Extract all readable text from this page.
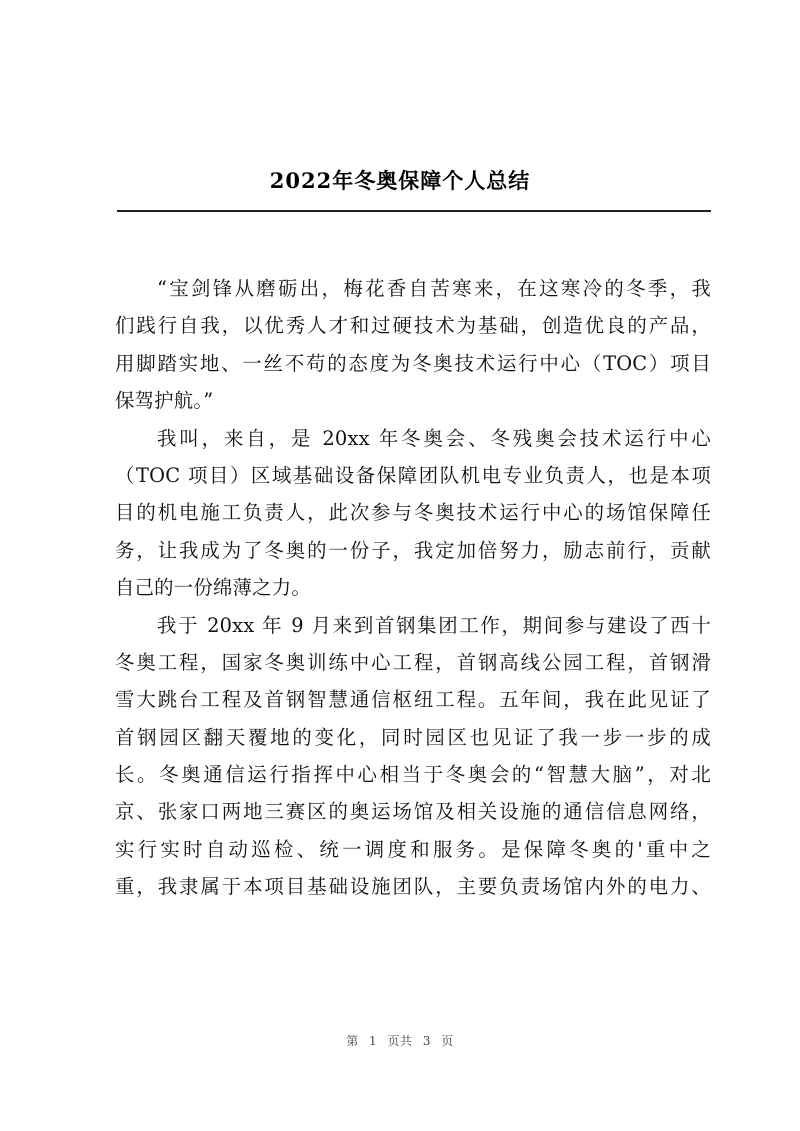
2022年冬奥保障个人总结
“宝剑锋从磨砺出，梅花香自苦寒来，在这寒冷的冬季，我
们践行自我，以优秀人才和过硬技术为基础，创造优良的产品，
用脚踏实地、一丝不苟的态度为冬奥技术运行中心（TOC）项目
保驾护航。”
我叫，来自，是 20xx 年冬奥会、冬残奥会技术运行中心
（TOC 项目）区域基础设备保障团队机电专业负责人，也是本项
目的机电施工负责人，此次参与冬奥技术运行中心的场馆保障任
务，让我成为了冬奥的一份子，我定加倍努力，励志前行，贡献
自己的一份绵薄之力。
我于 20xx 年 9 月来到首钢集团工作，期间参与建设了西十
冬奥工程，国家冬奥训练中心工程，首钢高线公园工程，首钢滑
雪大跳台工程及首钢智慧通信枢纽工程。五年间，我在此见证了
首钢园区翻天覆地的变化，同时园区也见证了我一步一步的成
长。冬奥通信运行指挥中心相当于冬奥会的“智慧大脑”，对北
京、张家口两地三赛区的奥运场馆及相关设施的通信信息网络，
实行实时自动巡检、统一调度和服务。是保障冬奥的'重中之
重，我隶属于本项目基础设施团队，主要负责场馆内外的电力、
第 1 页共 3 页
